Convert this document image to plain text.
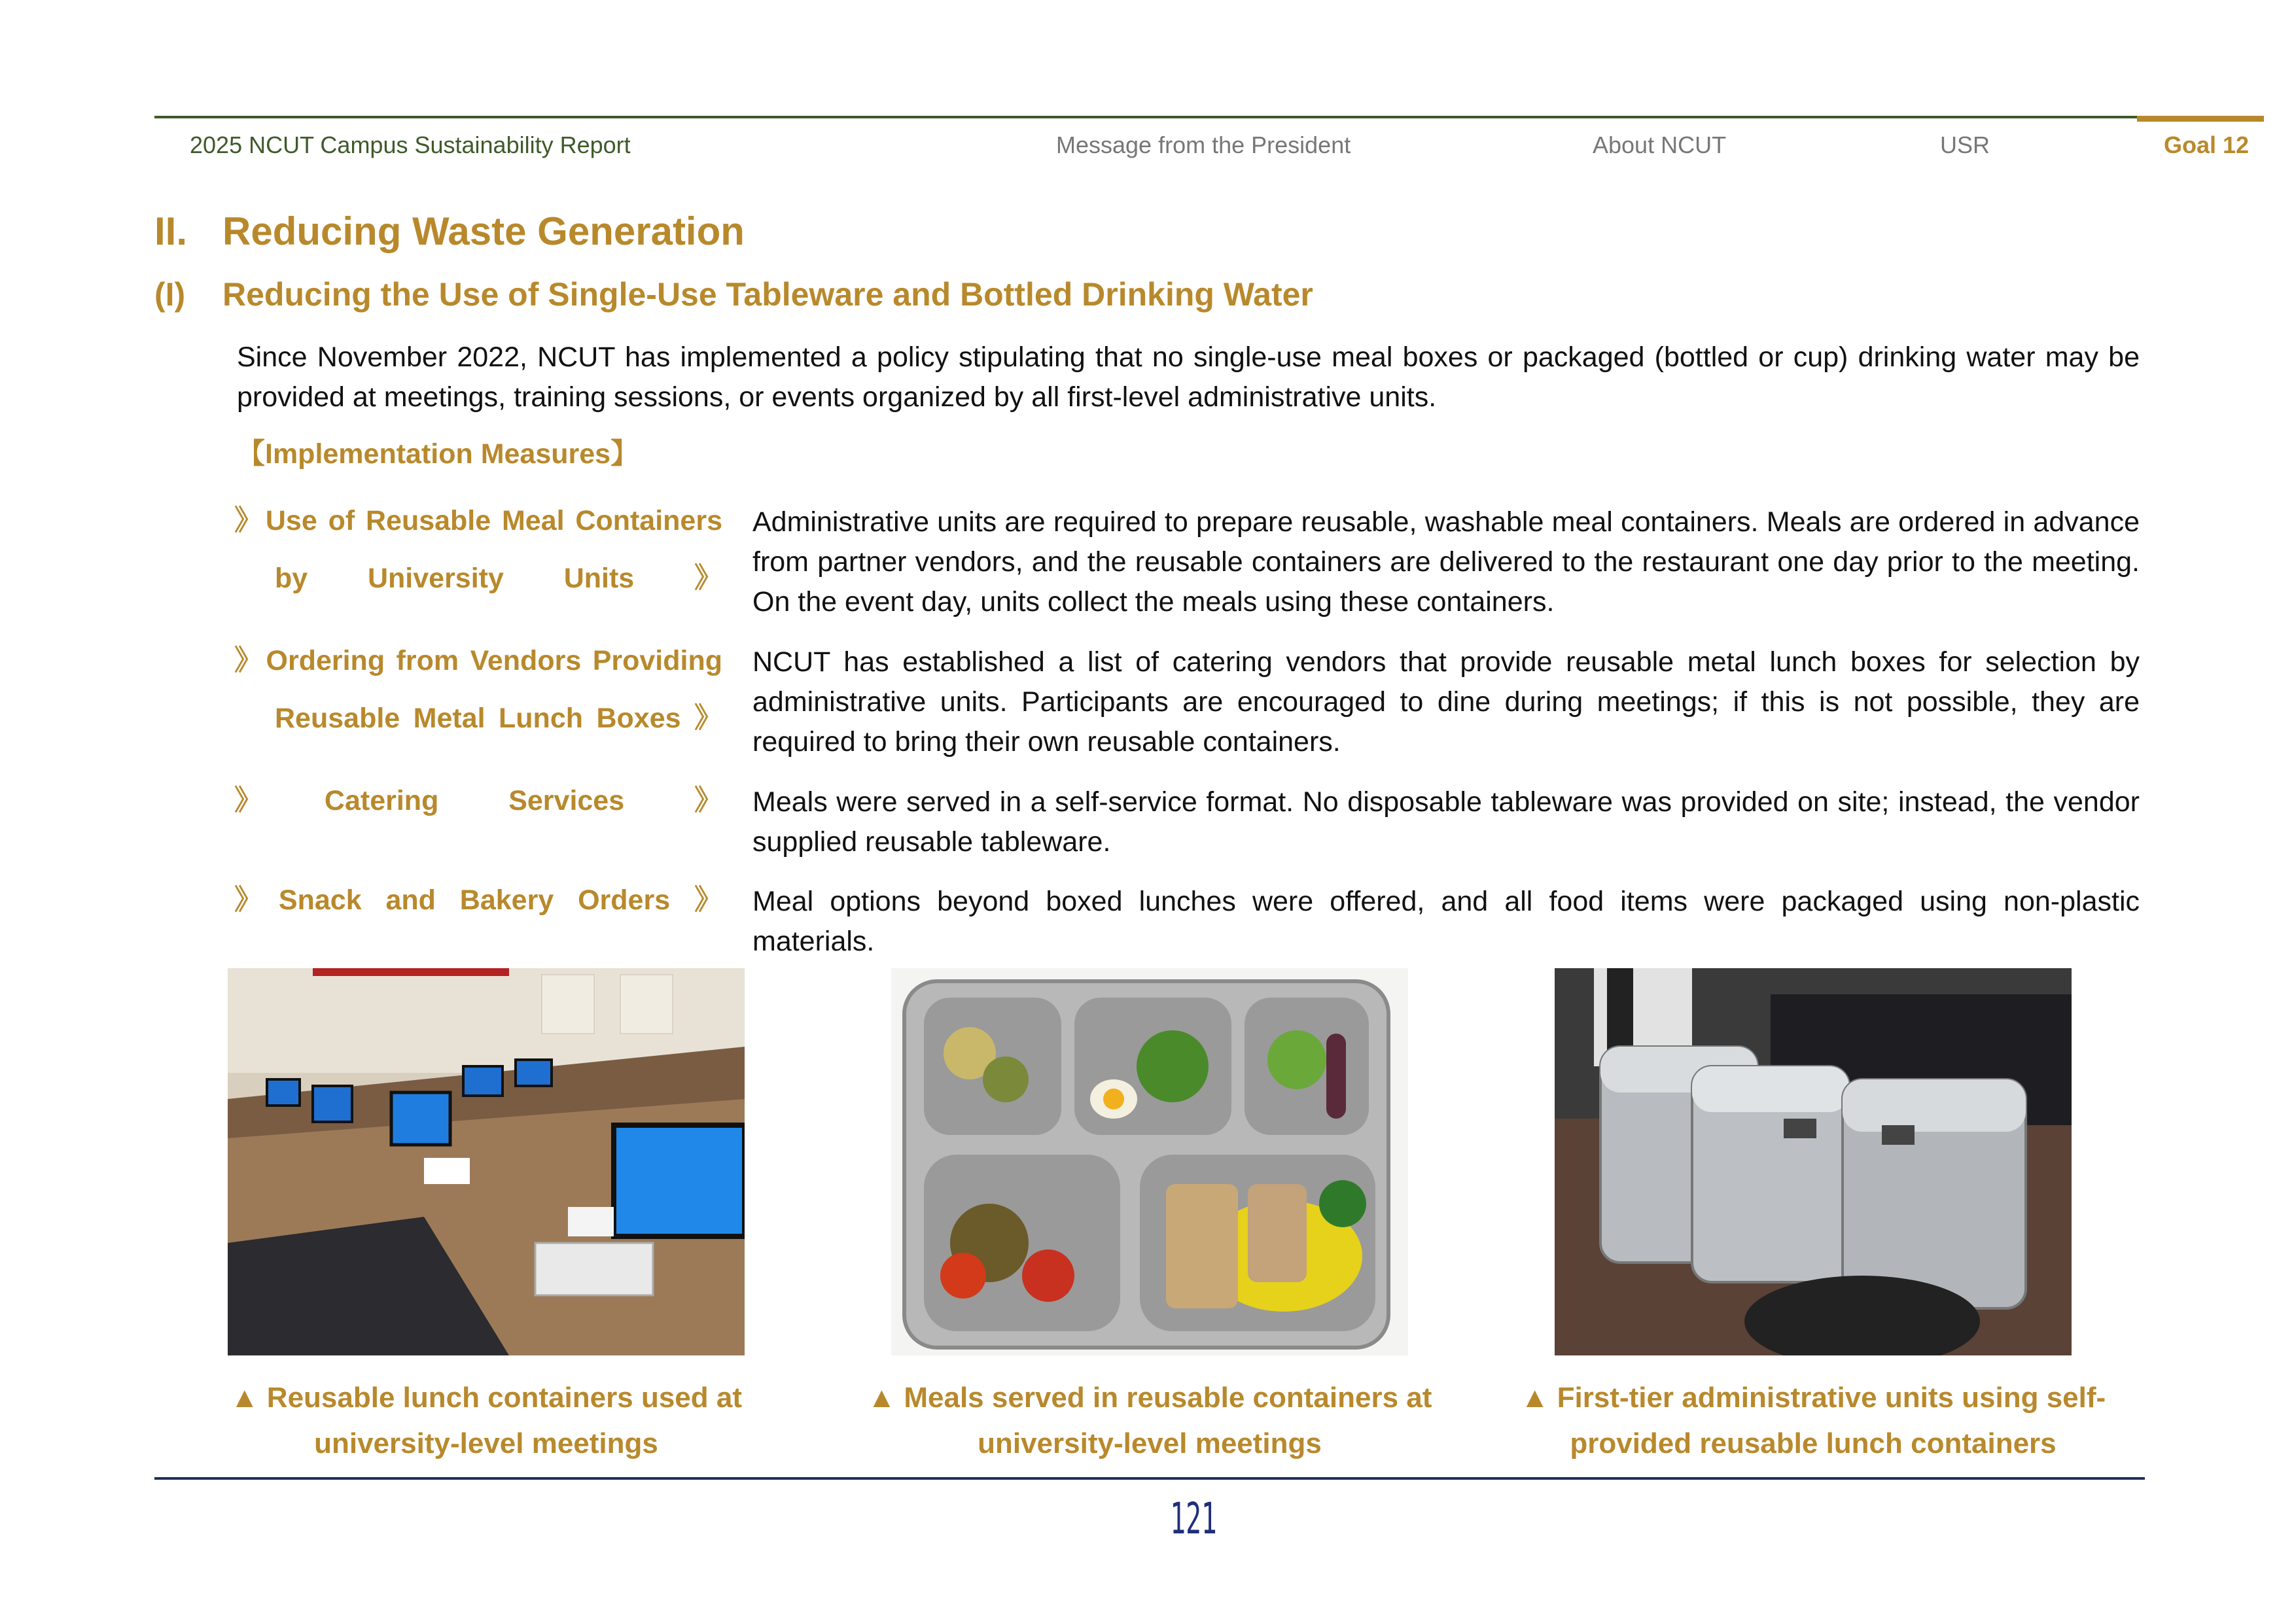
2025 NCUT Campus Sustainability Report	Message from the President	About NCUT	USR	Goal 12
II. Reducing Waste Generation
(I) Reducing the Use of Single-Use Tableware and Bottled Drinking Water
Since November 2022, NCUT has implemented a policy stipulating that no single-use meal boxes or packaged (bottled or cup) drinking water may be provided at meetings, training sessions, or events organized by all first-level administrative units.
【Implementation Measures】
》Use of Reusable Meal Containers
by University Units 》
Administrative units are required to prepare reusable, washable meal containers. Meals are ordered in advance from partner vendors, and the reusable containers are delivered to the restaurant one day prior to the meeting. On the event day, units collect the meals using these containers.
》Ordering from Vendors Providing
Reusable Metal Lunch Boxes 》
NCUT has established a list of catering vendors that provide reusable metal lunch boxes for selection by administrative units. Participants are encouraged to dine during meetings; if this is not possible, they are required to bring their own reusable containers.
》Catering Services 》 Meals were served in a self-service format. No disposable tableware was provided on site; instead, the vendor supplied reusable tableware.
》Snack and Bakery Orders 》 Meal options beyond boxed lunches were offered, and all food items were packaged using non-plastic materials.
▲ Reusable lunch containers used at
university-level meetings
▲ Meals served in reusable containers at
university-level meetings
▲ First-tier administrative units using self-
provided reusable lunch containers
121
